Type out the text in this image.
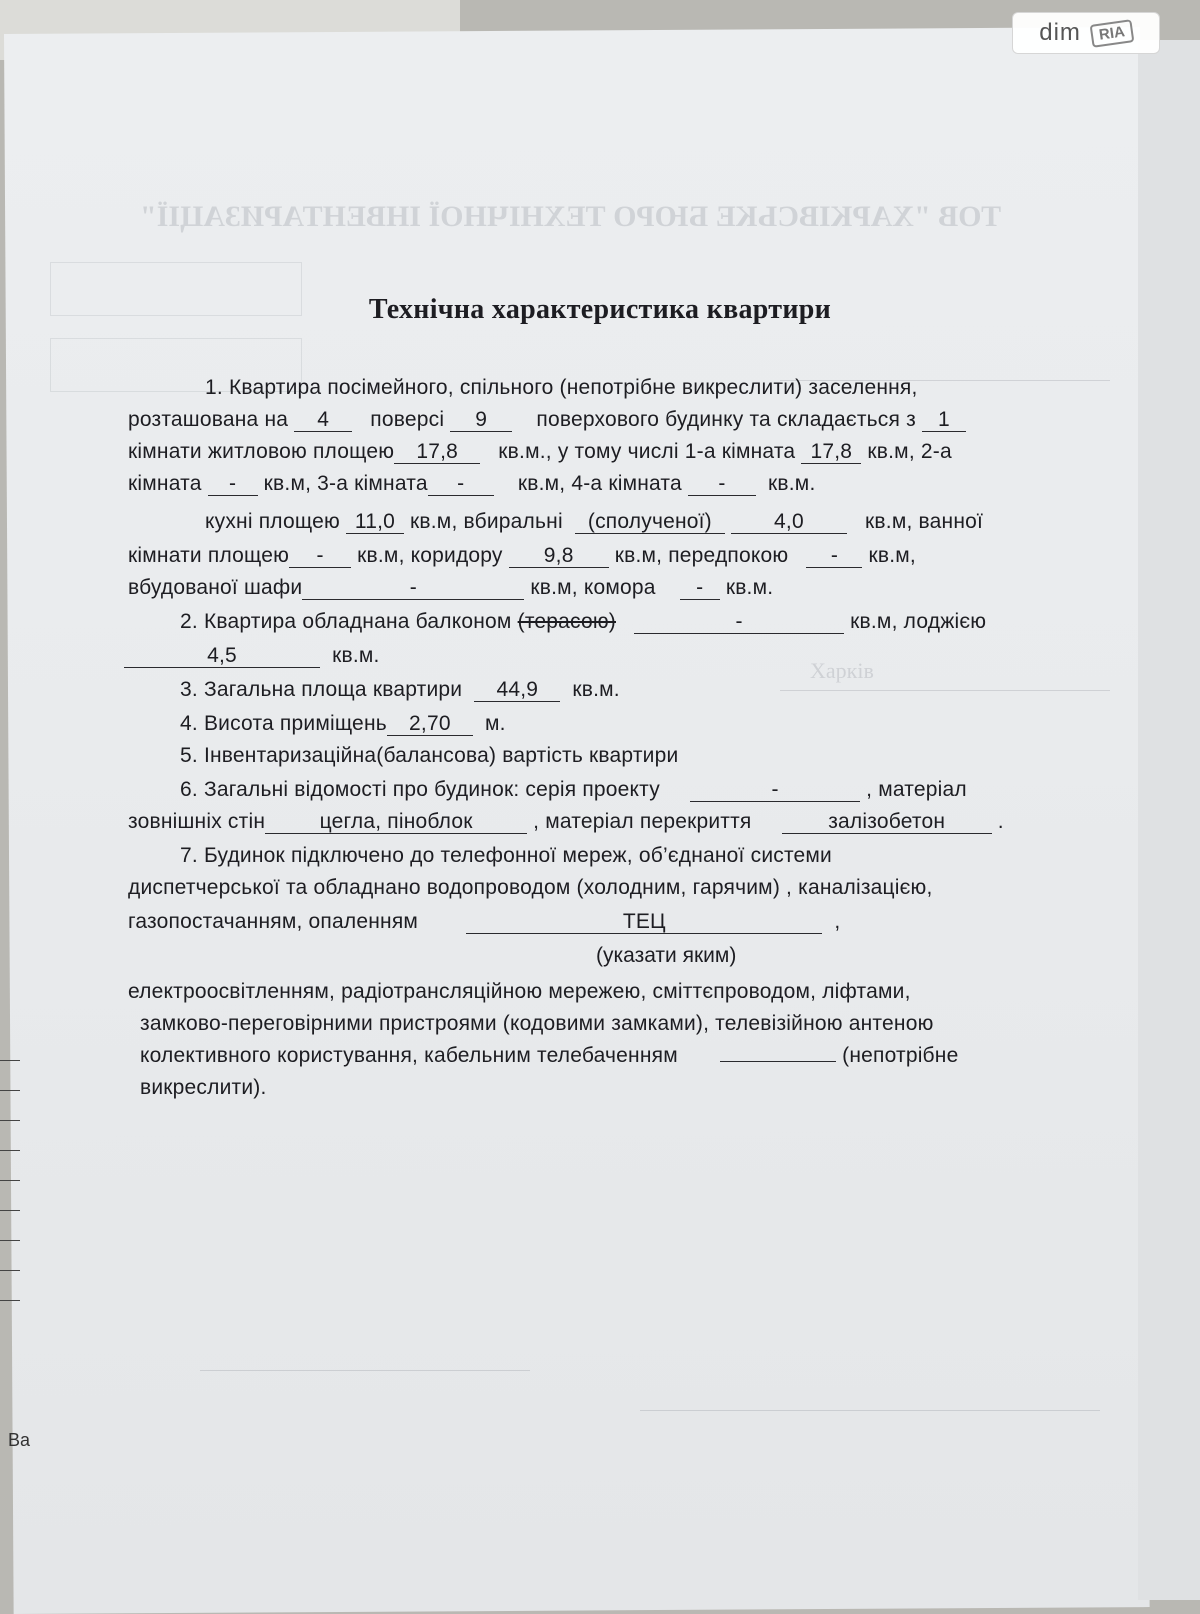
dim	RIA
Технічна характеристика квартири
1. Квартира посімейного, спільного (непотрібне викреслити) заселення,
розташована на 4 поверсі 9 поверхового будинку та складається з 1
кімнати житловою площею 17,8 кв.м., у тому числі 1-а кімната 17,8 кв.м, 2-а
кімната - кв.м, 3-а кімната -	кв.м, 4-а кімната - кв.м.
кухні площею 11,0 кв.м, вбиральні (сполученої)	4,0	кв.м, ванної
кімнати площею - кв.м, коридору 9,8 кв.м, передпокою - кв.м,
вбудованої шафи	-	кв.м, комора - кв.м.
2. Квартира обладнана балконом (терасою)	-	кв.м, лоджією
4,5	кв.м.
3. Загальна площа квартири 44,9 кв.м.
4. Висота приміщень 2,70 м.
5. Інвентаризаційна(балансова) вартість квартири
6. Загальні відомості про будинок: серія проекту	-	, матеріал
зовнішніх стін	цегла, піноблок	, матеріал перекриття	залізобетон	.
7. Будинок підключено до телефонної мереж, об’єднаної системи
диспетчерської та обладнано водопроводом (холодним, гарячим) , каналізацією,
газопостачанням, опаленням	ТЕЦ	,
(указати яким)
електроосвітленням, радіотрансляційною мережею, сміттєпроводом, ліфтами,
замково-переговірними пристроями (кодовими замками), телевізійною антеною
колективного користування, кабельним телебаченням	(непотрібне
викреслити).
Ва
